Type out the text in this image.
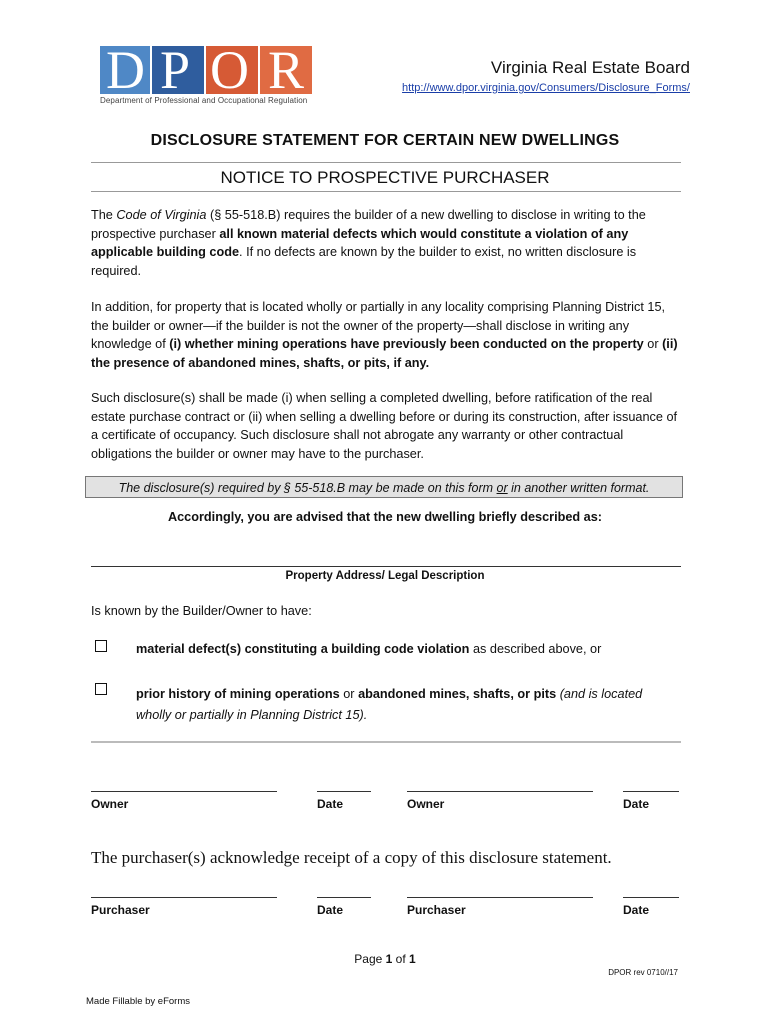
D P O R
Department of Professional and Occupational Regulation
Virginia Real Estate Board
http://www.dpor.virginia.gov/Consumers/Disclosure_Forms/
DISCLOSURE STATEMENT FOR CERTAIN NEW DWELLINGS
NOTICE TO PROSPECTIVE PURCHASER
The Code of Virginia (§ 55-518.B) requires the builder of a new dwelling to disclose in writing to the prospective purchaser all known material defects which would constitute a violation of any applicable building code. If no defects are known by the builder to exist, no written disclosure is required.
In addition, for property that is located wholly or partially in any locality comprising Planning District 15, the builder or owner—if the builder is not the owner of the property—shall disclose in writing any knowledge of (i) whether mining operations have previously been conducted on the property or (ii) the presence of abandoned mines, shafts, or pits, if any.
Such disclosure(s) shall be made (i) when selling a completed dwelling, before ratification of the real estate purchase contract or (ii) when selling a dwelling before or during its construction, after issuance of a certificate of occupancy. Such disclosure shall not abrogate any warranty or other contractual obligations the builder or owner may have to the purchaser.
The disclosure(s) required by § 55-518.B may be made on this form or in another written format.
Accordingly, you are advised that the new dwelling briefly described as:
Property Address/ Legal Description
Is known by the Builder/Owner to have:
material defect(s) constituting a building code violation as described above, or
prior history of mining operations or abandoned mines, shafts, or pits (and is located wholly or partially in Planning District 15).
Owner	Date	Owner	Date
The purchaser(s) acknowledge receipt of a copy of this disclosure statement.
Purchaser	Date	Purchaser	Date
Page 1 of 1
DPOR rev 0710//17
Made Fillable by eForms
